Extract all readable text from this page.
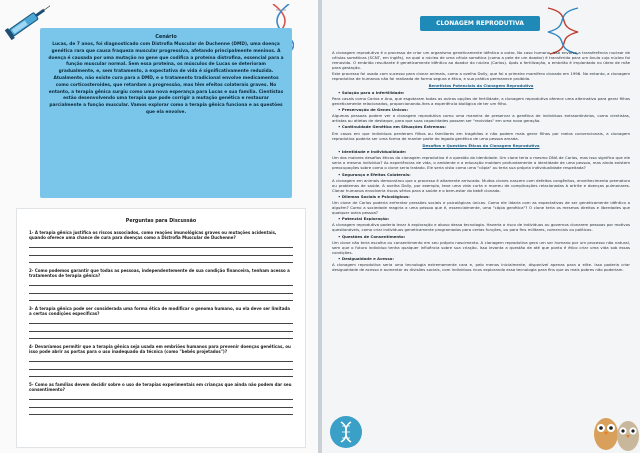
Cenário
Lucas, de 7 anos, foi diagnosticado com Distrofia Muscular de Duchenne (DMD), uma doença genética rara que causa fraqueza muscular progressiva, afetando principalmente meninos. A doença é causada por uma mutação no gene que codifica a proteína distrofina, essencial para a função muscular normal. Sem essa proteína, os músculos de Lucas se deterioram gradualmente, e, sem tratamento, a expectativa de vida é significativamente reduzida. Atualmente, não existe cura para a DMD, e o tratamento tradicional envolve medicamentos como corticosteroides, que retardam a progressão, mas têm efeitos colaterais graves. No entanto, a terapia gênica surgiu como uma nova esperança para Lucas e sua família. Cientistas estão desenvolvendo uma terapia que pode corrigir a mutação genética e restaurar parcialmente a função muscular. Vamos explorar como a terapia gênica funciona e as questões que ela envolve.
Perguntas para Discussão
1- A terapia gênica justifica os riscos associados, como reações imunológicas graves ou mutações acidentais, quando oferece uma chance de cura para doenças como a Distrofia Muscular de Duchenne?
2- Como podemos garantir que todas as pessoas, independentemente de sua condição financeira, tenham acesso a tratamentos de terapia gênica?
3- A terapia gênica pode ser considerada uma forma ética de modificar o genoma humano, ou ela deve ser limitada a certas condições específicas?
4- Devaríamos permitir que a terapia gênica seja usada em embriões humanos para prevenir doenças genéticas, ou isso pode abrir as portas para o uso inadequado da técnica (como "bebês projetados")?
5- Como as famílias devem decidir sobre o uso de terapias experimentais em crianças que ainda não podem dar seu consentimento?
CLONAGEM REPRODUTIVA

A clonagem reprodutiva é o processo de criar um organismo geneticamente idêntico a outro. No caso humano, isso envolve a transferência nuclear de células somáticas (SCNT, em inglês), na qual o núcleo de uma célula somática (como a pele de um doador) é transferido para um óvulo cujo núcleo foi removido. O embrião resultante é geneticamente idêntico ao doador do núcleo (Carlos). Após a fertilização, o embrião é implantado no útero de mãe para gestação.

Este processo foi usado com sucesso para clonar animais, como a ovelha Dolly, que foi o primeiro mamífero clonado em 1996. No entanto, a clonagem reprodutiva de humanos não foi realizada de forma segura e ética, e sua prática permanece proibida.

Benefícios Potenciais da Clonagem Reprodutiva

• Solução para a Infertilidade:

Para casais como Carlos e Ana, que esgotaram todas as outras opções de fertilidade, a clonagem reprodutiva oferece uma alternativa para gerar filhos geneticamente relacionados, proporcionando-lhes a experiência biológica de ter um filho.

• Preservação de Genes Únicos:

Algumas pessoas podem ver a clonagem reprodutiva como uma maneira de preservar a genética de indivíduos extraordinários, como cientistas, artistas ou atletas de destaque, para que suas capacidades possam ser "revividas" em uma nova geração.

• Continuidade Genética em Situações Extremas:

Em casos em que indivíduos perderam filhos ou familiares em tragédias e não podem mais gerar filhos por meios convencionais, a clonagem reprodutiva poderia ser uma forma de manter parte do legado genético de uma pessoa amada.

Desafios e Questões Éticas da Clonagem Reprodutiva

• Identidade e Individualidade:

Um dos maiores desafios éticos da clonagem reprodutiva é a questão da identidade. Um clone teria o mesmo DNA de Carlos, mas isso significa que ele seria o mesmo indivíduo? As experiências de vida, o ambiente e a educação moldam profundamente a identidade de uma pessoa, mas ainda existem preocupações sobre como o clone seria tratado. Ele seria visto como uma "cópia" ou teria sua própria individualidade respeitada?

• Segurança e Efeitos Colaterais:

A clonagem em animais demonstrou que o processo é altamente arriscado. Muitos clones nascem com defeitos congênitos, envelhecimento prematuro ou problemas de saúde. A ovelha Dolly, por exemplo, teve uma vida curta e morreu de complicações relacionadas à artrite e doenças pulmonares. Clonar humanos envolveria riscos sérios para a saúde e o bem-estar do bebê clonado.

• Dilemas Sociais e Psicológicos:

Um clone de Carlos poderia enfrentar pressões sociais e psicológicas únicas. Como ele lidaria com as expectativas de ser geneticamente idêntico a alguém? Como a sociedade reagiria a uma pessoa que é, essencialmente, uma "cópia genética"? O clone teria os mesmos direitos e liberdades que qualquer outra pessoa?

• Potencial Exploração:

A clonagem reprodutiva poderia levar à exploração e abuso dessa tecnologia. Haveria o risco de indivíduos ou governos clonarem pessoas por motivos questionáveis, como criar indivíduos geneticamente programados para certas funções, ou para fins militares, comerciais ou políticos.

• Questões de Consentimento:

Um clone não teria escolha ou consentimento em seu próprio nascimento. A clonagem reprodutiva gera um ser humano por um processo não natural, sem que o futuro indivíduo tenha qualquer influência sobre sua criação. Isso levanta a questão de até que ponto é ético criar uma vida sob essas condições.

• Desigualdade e Acesso:

A clonagem reprodutiva seria uma tecnologia extremamente cara e, pelo menos inicialmente, disponível apenas para a elite. Isso poderia criar desigualdade de acesso e aumentar as divisões sociais, com indivíduos ricos explorando essa tecnologia para fins que os mais pobres não poderiam.
